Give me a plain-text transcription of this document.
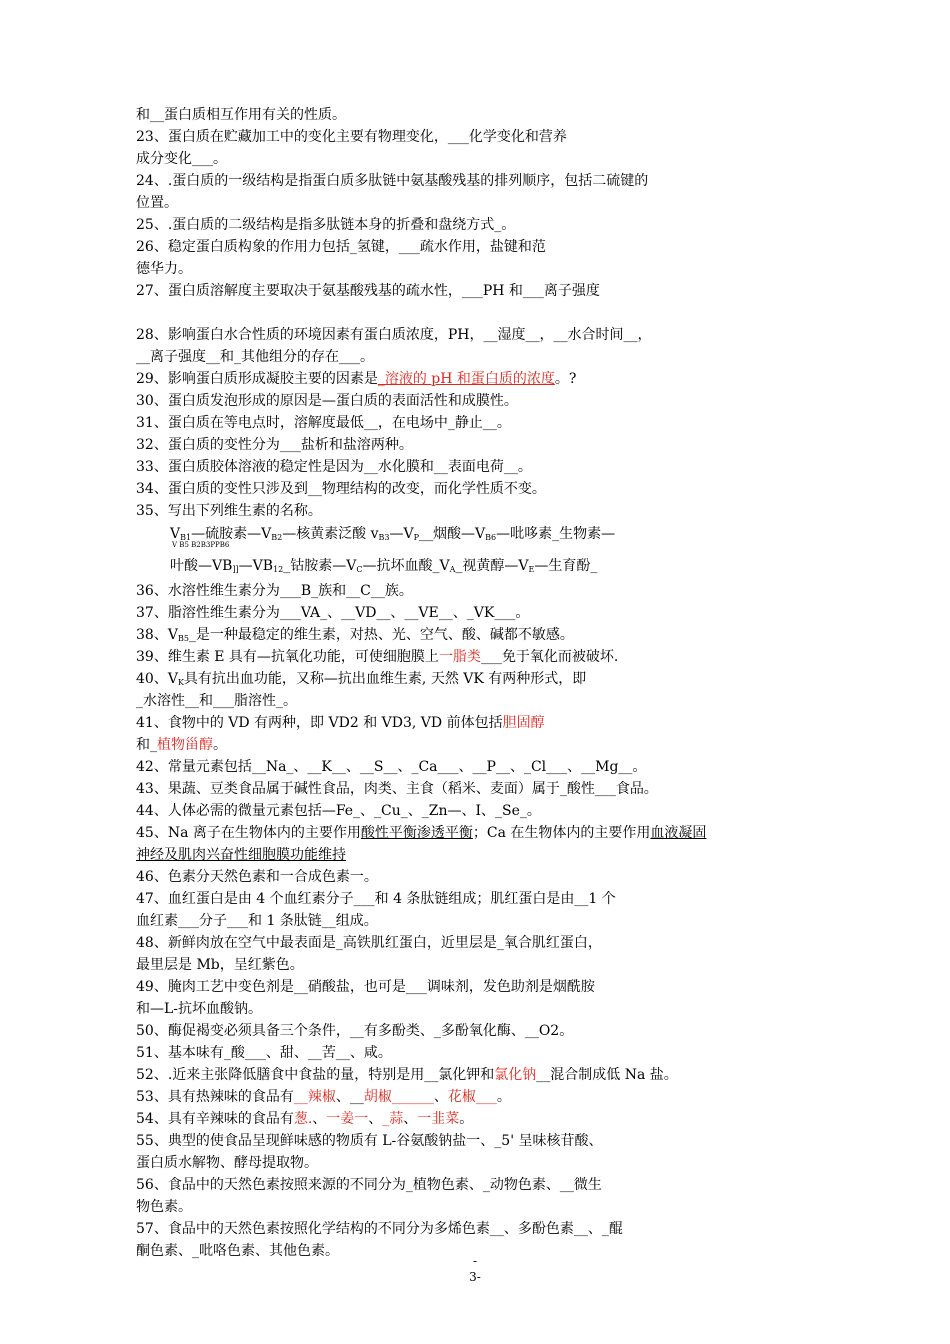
和__蛋白质相互作用有关的性质。
23、蛋白质在贮藏加工中的变化主要有物理变化，___化学变化和营养
成分变化___。
24、.蛋白质的一级结构是指蛋白质多肽链中氨基酸残基的排列顺序，包括二硫键的
位置。
25、.蛋白质的二级结构是指多肽链本身的折叠和盘绕方式_。
26、稳定蛋白质构象的作用力包括_氢键，___疏水作用，盐键和范
德华力。
27、蛋白质溶解度主要取决于氨基酸残基的疏水性，___PH 和___离子强度
28、影响蛋白水合性质的环境因素有蛋白质浓度，PH，__湿度__，__水合时间__，
__离子强度__和_其他组分的存在___。
29、影响蛋白质形成凝胶主要的因素是_溶液的 pH 和蛋白质的浓度。?
30、蛋白质发泡形成的原因是—蛋白质的表面活性和成膜性。
31、蛋白质在等电点时，溶解度最低__，在电场中_静止__。
32、蛋白质的变性分为___盐析和盐溶两种。
33、蛋白质胶体溶液的稳定性是因为__水化膜和__表面电荷__。
34、蛋白质的变性只涉及到__物理结构的改变，而化学性质不变。
35、写出下列维生素的名称。
$V_{B1}—$硫胺素$—V_{B2}—$核黄素泛酸 $v_{B3}—V_P\_\_$烟酸$—V_{B6}—$吡哆素_生物素—
V B5 B2B3PPB6
叶酸$—VB_{]]}—VB_{12}\_$钴胺素$—V_C—$抗坏血酸$\_V_A\_$视黄醇$—V_E—$生育酚_
36、水溶性维生素分为___B_族和__C__族。
37、脂溶性维生素分为___VA_、__VD__、__VE__、_VK___。
38、$V_{B5}\_$是一种最稳定的维生素，对热、光、空气、酸、碱都不敏感。
39、维生素 E 具有—抗氧化功能，可使细胞膜上一脂类___免于氧化而被破坏.
40、$V_K$具有抗出血功能，又称—抗出血维生素, 天然 VK 有两种形式，即
_水溶性__和___脂溶性_。
41、食物中的 VD 有两种，即 VD2 和 VD3, VD 前体包括胆固醇
和_植物甾醇。
42、常量元素包括__Na_、__K__、__S__、_Ca___、__P__、_Cl___、__Mg__。
43、果蔬、豆类食品属于碱性食品，肉类、主食（稻米、麦面）属于_酸性___食品。
44、人体必需的微量元素包括—Fe_、_Cu_、_Zn—、I、_Se_。
45、Na 离子在生物体内的主要作用酸性平衡渗透平衡；Ca 在生物体内的主要作用血液凝固
神经及肌肉兴奋性细胞膜功能维持
46、色素分天然色素和一合成色素一。
47、血红蛋白是由 4 个血红素分子___和 4 条肽链组成；肌红蛋白是由__1 个
血红素___分子___和 1 条肽链__组成。
48、新鲜肉放在空气中最表面是_高铁肌红蛋白，近里层是_氧合肌红蛋白，
最里层是 Mb，呈红紫色。
49、腌肉工艺中变色剂是__硝酸盐，也可是___调味剂，发色助剂是烟酰胺
和—L-抗坏血酸钠。
50、酶促褐变必须具备三个条件，__有多酚类、_多酚氧化酶、__O2。
51、基本味有_酸___、甜、__苦__、咸。
52、.近来主张降低膳食中食盐的量，特别是用__氯化钾和氯化钠__混合制成低 Na 盐。
53、具有热辣味的食品有__辣椒、__胡椒______、花椒___。
54、具有辛辣味的食品有葱.、一姜一、_蒜、一韭菜。
55、典型的使食品呈现鲜味感的物质有 L-谷氨酸钠盐一、_5' 呈味核苷酸、
蛋白质水解物、酵母提取物。
56、食品中的天然色素按照来源的不同分为_植物色素、_动物色素、__微生
物色素。
57、食品中的天然色素按照化学结构的不同分为多烯色素__、多酚色素__、_醌
酮色素、_吡咯色素、其他色素。
-
3-
